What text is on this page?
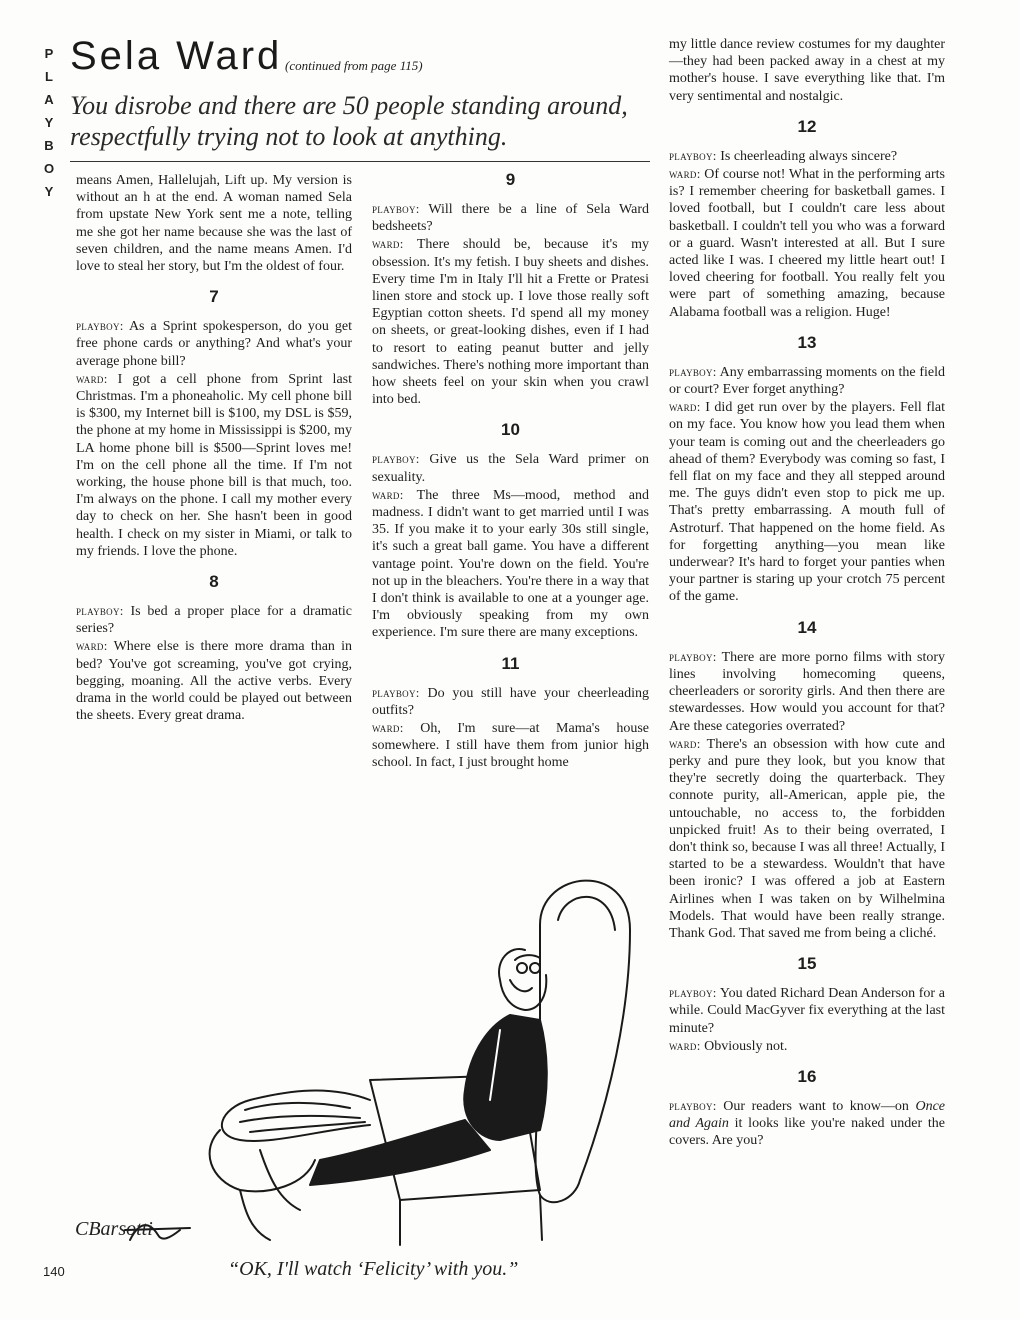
P
L
A
Y
B
O
Y
Sela Ward (continued from page 115)
You disrobe and there are 50 people standing around, respectfully trying not to look at anything.

means Amen, Hallelujah, Lift up. My version is without an h at the end. A woman named Sela from upstate New York sent me a note, telling me she got her name because she was the last of seven children, and the name means Amen. I'd love to steal her story, but I'm the oldest of four.

7

playboy: As a Sprint spokesperson, do you get free phone cards or anything? And what's your average phone bill?

ward: I got a cell phone from Sprint last Christmas. I'm a phoneaholic. My cell phone bill is $300, my Internet bill is $100, my DSL is $59, the phone at my home in Mississippi is $200, my LA home phone bill is $500—Sprint loves me! I'm on the cell phone all the time. If I'm not working, the house phone bill is that much, too. I'm always on the phone. I call my mother every day to check on her. She hasn't been in good health. I check on my sister in Miami, or talk to my friends. I love the phone.

8

playboy: Is bed a proper place for a dramatic series?

ward: Where else is there more drama than in bed? You've got screaming, you've got crying, begging, moaning. All the active verbs. Every drama in the world could be played out between the sheets. Every great drama.

9

playboy: Will there be a line of Sela Ward bedsheets?

ward: There should be, because it's my obsession. It's my fetish. I buy sheets and dishes. Every time I'm in Italy I'll hit a Frette or Pratesi linen store and stock up. I love those really soft Egyptian cotton sheets. I'd spend all my money on sheets, or great-looking dishes, even if I had to resort to eating peanut butter and jelly sandwiches. There's nothing more important than how sheets feel on your skin when you crawl into bed.

10

playboy: Give us the Sela Ward primer on sexuality.

ward: The three Ms—mood, method and madness. I didn't want to get married until I was 35. If you make it to your early 30s still single, it's such a great ball game. You have a different vantage point. You're down on the field. You're not up in the bleachers. You're there in a way that I don't think is available to one at a younger age. I'm obviously speaking from my own experience. I'm sure there are many exceptions.

11

playboy: Do you still have your cheerleading outfits?

ward: Oh, I'm sure—at Mama's house somewhere. I still have them from junior high school. In fact, I just brought home

my little dance review costumes for my daughter—they had been packed away in a chest at my mother's house. I save everything like that. I'm very sentimental and nostalgic.

12

playboy: Is cheerleading always sincere?

ward: Of course not! What in the performing arts is? I remember cheering for basketball games. I loved football, but I couldn't care less about basketball. I couldn't tell you who was a forward or a guard. Wasn't interested at all. But I sure acted like I was. I cheered my little heart out! I loved cheering for football. You really felt you were part of something amazing, because Alabama football was a religion. Huge!

13

playboy: Any embarrassing moments on the field or court? Ever forget anything?

ward: I did get run over by the players. Fell flat on my face. You know how you lead them when your team is coming out and the cheerleaders go ahead of them? Everybody was coming so fast, I fell flat on my face and they all stepped around me. The guys didn't even stop to pick me up. That's pretty embarrassing. A mouth full of Astroturf. That happened on the home field. As for forgetting anything—you mean like underwear? It's hard to forget your panties when your partner is staring up your crotch 75 percent of the game.

14

playboy: There are more porno films with story lines involving homecoming queens, cheerleaders or sorority girls. And then there are stewardesses. How would you account for that? Are these categories overrated?

ward: There's an obsession with how cute and perky and pure they look, but you know that they're secretly doing the quarterback. They connote purity, all-American, apple pie, the untouchable, no access to, the forbidden unpicked fruit! As to their being overrated, I don't think so, because I was all three! Actually, I started to be a stewardess. Wouldn't that have been ironic? I was offered a job at Eastern Airlines when I was taken on by Wilhelmina Models. That would have been really strange. Thank God. That saved me from being a cliché.

15

playboy: You dated Richard Dean Anderson for a while. Could MacGyver fix everything at the last minute?

ward: Obviously not.

16

playboy: Our readers want to know—on Once and Again it looks like you're naked under the covers. Are you?

CBarsotti
“OK, I'll watch ‘Felicity’ with you.”
140
